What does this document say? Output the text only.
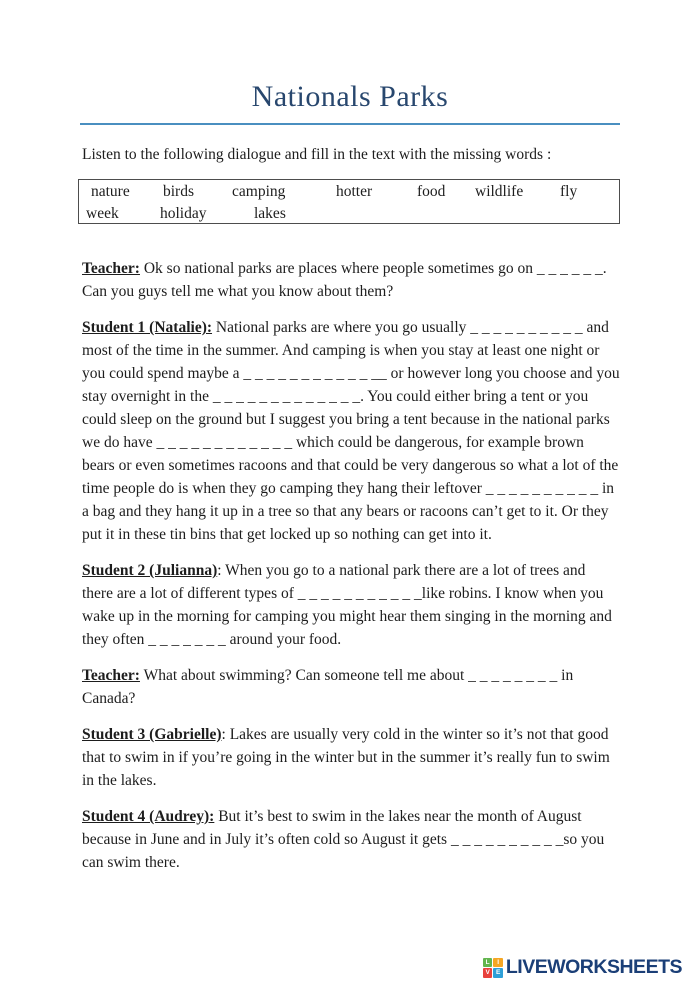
Nationals Parks

Listen to the following dialogue and fill in the text with the missing words :

nature birds camping	hotter	food wildlife fly
week	holiday	lakes

Teacher: Ok so national parks are places where people sometimes go on _ _ _ _ _ _. Can you guys tell me what you know about them?

Student 1 (Natalie): National parks are where you go usually _ _ _ _ _ _ _ _ _ _ and most of the time in the summer. And camping is when you stay at least one night or you could spend maybe a _ _ _ _ _ _ _ _ _ _ _ __ or however long you choose and you stay overnight in the _ _ _ _ _ _ _ _ _ _ _ _ _. You could either bring a tent or you could sleep on the ground but I suggest you bring a tent because in the national parks we do have _ _ _ _ _ _ _ _ _ _ _ _ which could be dangerous, for example brown bears or even sometimes racoons and that could be very dangerous so what a lot of the time people do is when they go camping they hang their leftover _ _ _ _ _ _ _ _ _ _ in a bag and they hang it up in a tree so that any bears or racoons can’t get to it. Or they put it in these tin bins that get locked up so nothing can get into it.

Student 2 (Julianna): When you go to a national park there are a lot of trees and there are a lot of different types of _ _ _ _ _ _ _ _ _ _ _like robins. I know when you wake up in the morning for camping you might hear them singing in the morning and they often _ _ _ _ _ _ _ around your food.

Teacher: What about swimming? Can someone tell me about _ _ _ _ _ _ _ _ in Canada?

Student 3 (Gabrielle): Lakes are usually very cold in the winter so it’s not that good that to swim in if you’re going in the winter but in the summer it’s really fun to swim in the lakes.

Student 4 (Audrey): But it’s best to swim in the lakes near the month of August because in June and in July it’s often cold so August it gets _ _ _ _ _ _ _ _ _ _so you can swim there.

L	I
V E LIVEWORKSHEETS
